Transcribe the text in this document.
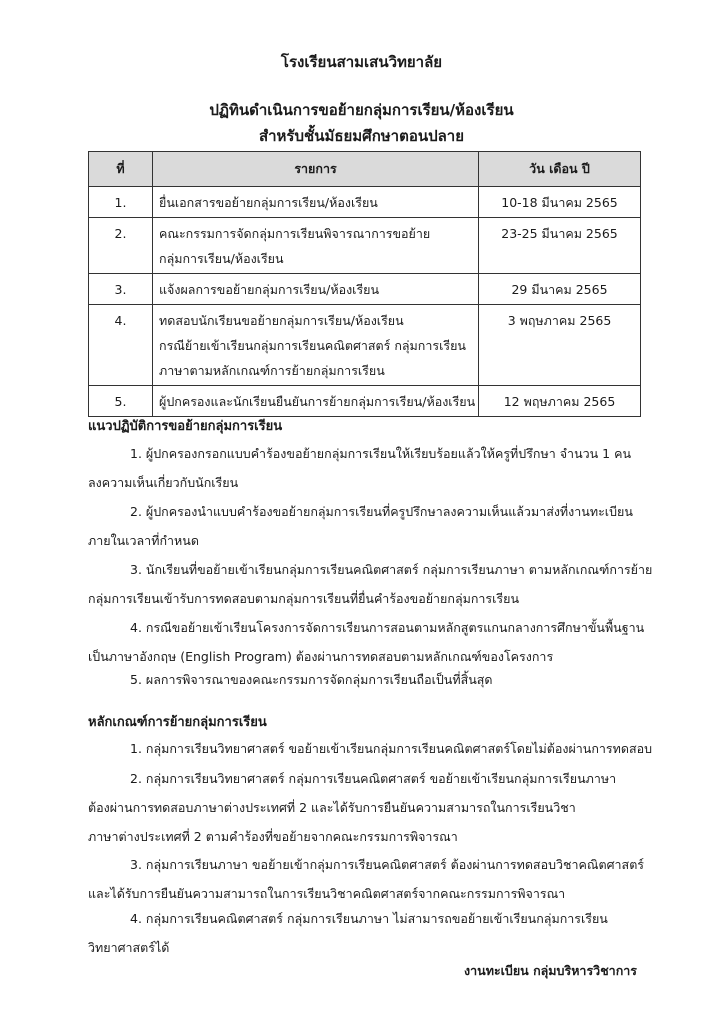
โรงเรียนสามเสนวิทยาลัย
ปฏิทินดำเนินการขอย้ายกลุ่มการเรียน/ห้องเรียน
สำหรับชั้นมัธยมศึกษาตอนปลาย
ที่	รายการ	วัน เดือน ปี
1.	ยื่นเอกสารขอย้ายกลุ่มการเรียน/ห้องเรียน	10-18 มีนาคม 2565
2.	คณะกรรมการจัดกลุ่มการเรียนพิจารณาการขอย้าย
กลุ่มการเรียน/ห้องเรียน	23-25 มีนาคม 2565
3.	แจ้งผลการขอย้ายกลุ่มการเรียน/ห้องเรียน	29 มีนาคม 2565
4.	ทดสอบนักเรียนขอย้ายกลุ่มการเรียน/ห้องเรียน
กรณีย้ายเข้าเรียนกลุ่มการเรียนคณิตศาสตร์ กลุ่มการเรียน
ภาษาตามหลักเกณฑ์การย้ายกลุ่มการเรียน	3 พฤษภาคม 2565
5.	ผู้ปกครองและนักเรียนยืนยันการย้ายกลุ่มการเรียน/ห้องเรียน	12 พฤษภาคม 2565
แนวปฏิบัติการขอย้ายกลุ่มการเรียน
1. ผู้ปกครองกรอกแบบคำร้องขอย้ายกลุ่มการเรียนให้เรียบร้อยแล้วให้ครูที่ปรึกษา จำนวน 1 คน
ลงความเห็นเกี่ยวกับนักเรียน
2. ผู้ปกครองนำแบบคำร้องขอย้ายกลุ่มการเรียนที่ครูปรึกษาลงความเห็นแล้วมาส่งที่งานทะเบียน
ภายในเวลาที่กำหนด
3. นักเรียนที่ขอย้ายเข้าเรียนกลุ่มการเรียนคณิตศาสตร์ กลุ่มการเรียนภาษา ตามหลักเกณฑ์การย้าย
กลุ่มการเรียนเข้ารับการทดสอบตามกลุ่มการเรียนที่ยื่นคำร้องขอย้ายกลุ่มการเรียน
4. กรณีขอย้ายเข้าเรียนโครงการจัดการเรียนการสอนตามหลักสูตรแกนกลางการศึกษาขั้นพื้นฐาน
เป็นภาษาอังกฤษ (English Program) ต้องผ่านการทดสอบตามหลักเกณฑ์ของโครงการ
5. ผลการพิจารณาของคณะกรรมการจัดกลุ่มการเรียนถือเป็นที่สิ้นสุด
หลักเกณฑ์การย้ายกลุ่มการเรียน
1. กลุ่มการเรียนวิทยาศาสตร์ ขอย้ายเข้าเรียนกลุ่มการเรียนคณิตศาสตร์โดยไม่ต้องผ่านการทดสอบ
2. กลุ่มการเรียนวิทยาศาสตร์ กลุ่มการเรียนคณิตศาสตร์ ขอย้ายเข้าเรียนกลุ่มการเรียนภาษา
ต้องผ่านการทดสอบภาษาต่างประเทศที่ 2 และได้รับการยืนยันความสามารถในการเรียนวิชา
ภาษาต่างประเทศที่ 2 ตามคำร้องที่ขอย้ายจากคณะกรรมการพิจารณา
3. กลุ่มการเรียนภาษา ขอย้ายเข้ากลุ่มการเรียนคณิตศาสตร์ ต้องผ่านการทดสอบวิชาคณิตศาสตร์
และได้รับการยืนยันความสามารถในการเรียนวิชาคณิตศาสตร์จากคณะกรรมการพิจารณา
4. กลุ่มการเรียนคณิตศาสตร์ กลุ่มการเรียนภาษา ไม่สามารถขอย้ายเข้าเรียนกลุ่มการเรียน
วิทยาศาสตร์ได้
งานทะเบียน กลุ่มบริหารวิชาการ
